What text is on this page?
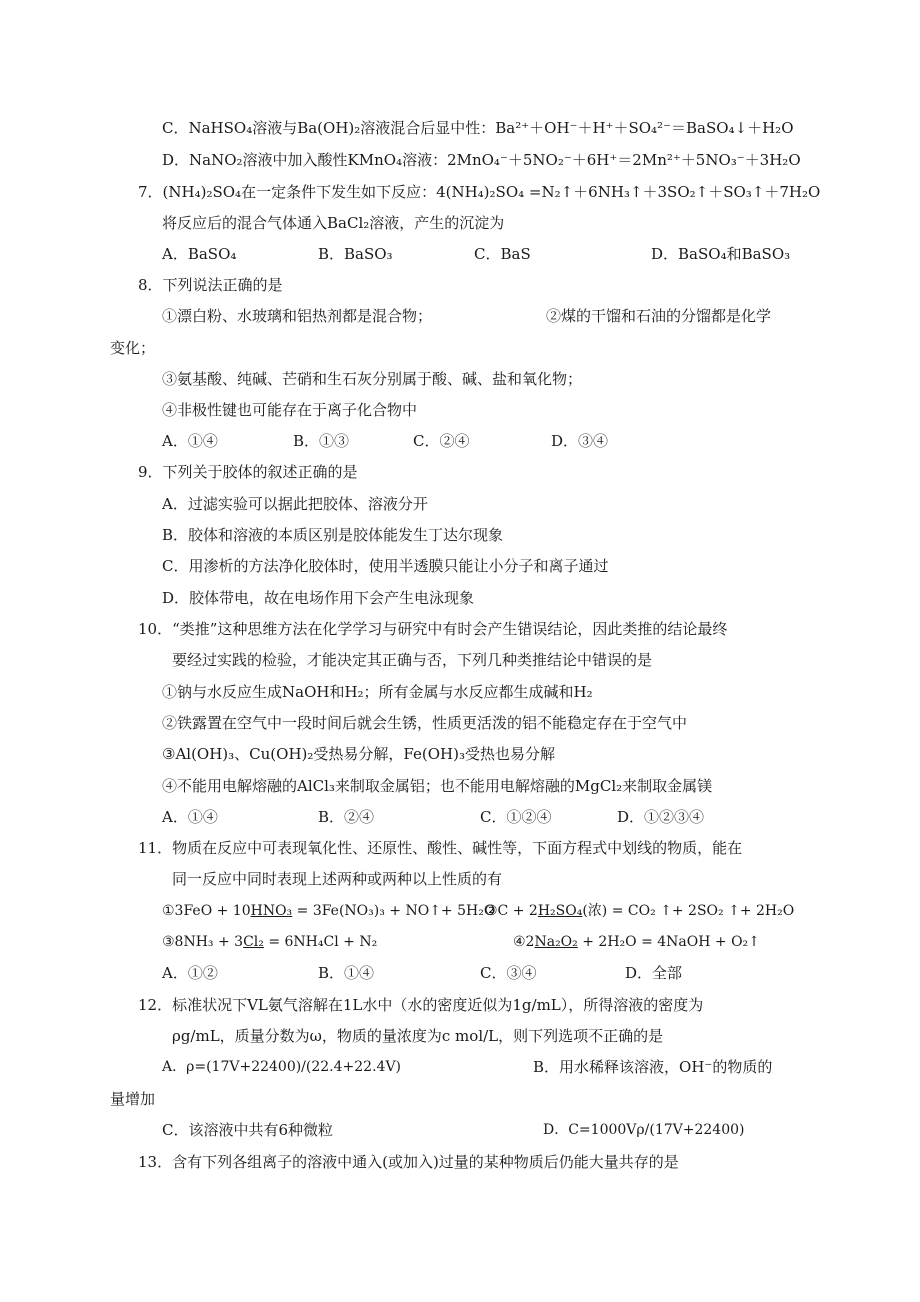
C．NaHSO₄溶液与Ba(OH)₂溶液混合后显中性：Ba²⁺＋OH⁻＋H⁺＋SO₄²⁻＝BaSO₄↓＋H₂O
D．NaNO₂溶液中加入酸性KMnO₄溶液：2MnO₄⁻＋5NO₂⁻＋6H⁺＝2Mn²⁺＋5NO₃⁻＋3H₂O
7．(NH₄)₂SO₄在一定条件下发生如下反应：4(NH₄)₂SO₄ =N₂↑＋6NH₃↑＋3SO₂↑＋SO₃↑＋7H₂O
将反应后的混合气体通入BaCl₂溶液，产生的沉淀为
A．BaSO₄	B．BaSO₃	C．BaS	D．BaSO₄和BaSO₃
8．下列说法正确的是
①漂白粉、水玻璃和铝热剂都是混合物；	②煤的干馏和石油的分馏都是化学
变化；
③氨基酸、纯碱、芒硝和生石灰分别属于酸、碱、盐和氧化物；
④非极性键也可能存在于离子化合物中
A．①④	B．①③	C．②④	D．③④
9．下列关于胶体的叙述正确的是
A．过滤实验可以据此把胶体、溶液分开
B．胶体和溶液的本质区别是胶体能发生丁达尔现象
C．用渗析的方法净化胶体时，使用半透膜只能让小分子和离子通过
D．胶体带电，故在电场作用下会产生电泳现象
10．“类推”这种思维方法在化学学习与研究中有时会产生错误结论，因此类推的结论最终
要经过实践的检验，才能决定其正确与否，下列几种类推结论中错误的是
①钠与水反应生成NaOH和H₂；所有金属与水反应都生成碱和H₂
②铁露置在空气中一段时间后就会生锈，性质更活泼的铝不能稳定存在于空气中
③Al(OH)₃、Cu(OH)₂受热易分解，Fe(OH)₃受热也易分解
④不能用电解熔融的AlCl₃来制取金属铝；也不能用电解熔融的MgCl₂来制取金属镁
A．①④	B．②④	C．①②④	D．①②③④
11．物质在反应中可表现氧化性、还原性、酸性、碱性等，下面方程式中划线的物质，能在
同一反应中同时表现上述两种或两种以上性质的有
①3FeO + 10HNO₃ = 3Fe(NO₃)₃ + NO↑+ 5H₂O
②C + 2H₂SO₄(浓) = CO₂ ↑+ 2SO₂ ↑+ 2H₂O
③8NH₃ + 3Cl₂ = 6NH₄Cl + N₂	④2Na₂O₂ + 2H₂O = 4NaOH + O₂↑
A．①②	B．①④	C．③④	D．全部
12．标准状况下VL氨气溶解在1L水中（水的密度近似为1g/mL），所得溶液的密度为
ρg/mL，质量分数为ω，物质的量浓度为c mol/L，则下列选项不正确的是
A．ρ=(17V+22400)/(22.4+22.4V)	B．用水稀释该溶液，OH⁻的物质的
量增加
C．该溶液中共有6种微粒	D．C=1000Vρ/(17V+22400)
13．含有下列各组离子的溶液中通入(或加入)过量的某种物质后仍能大量共存的是
